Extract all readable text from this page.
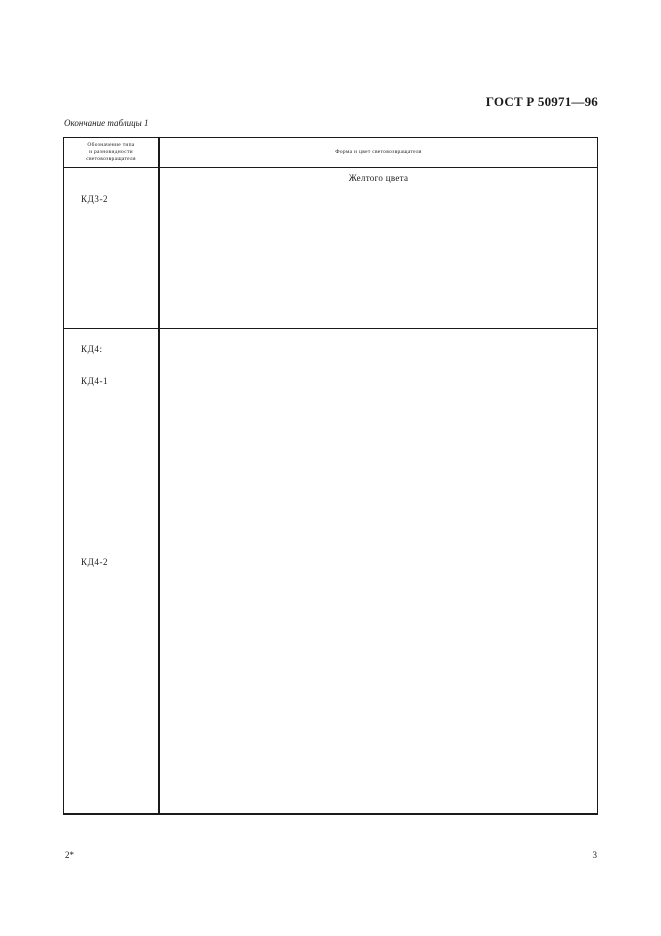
ГОСТ Р 50971—96
Окончание таблицы 1
Обозначение типа
и разновидности
световозвращателя
Форма и цвет световозвращателя
Желтого цвета
КД3-2
КД4:
КД4-1
КД4-2
2*	3
